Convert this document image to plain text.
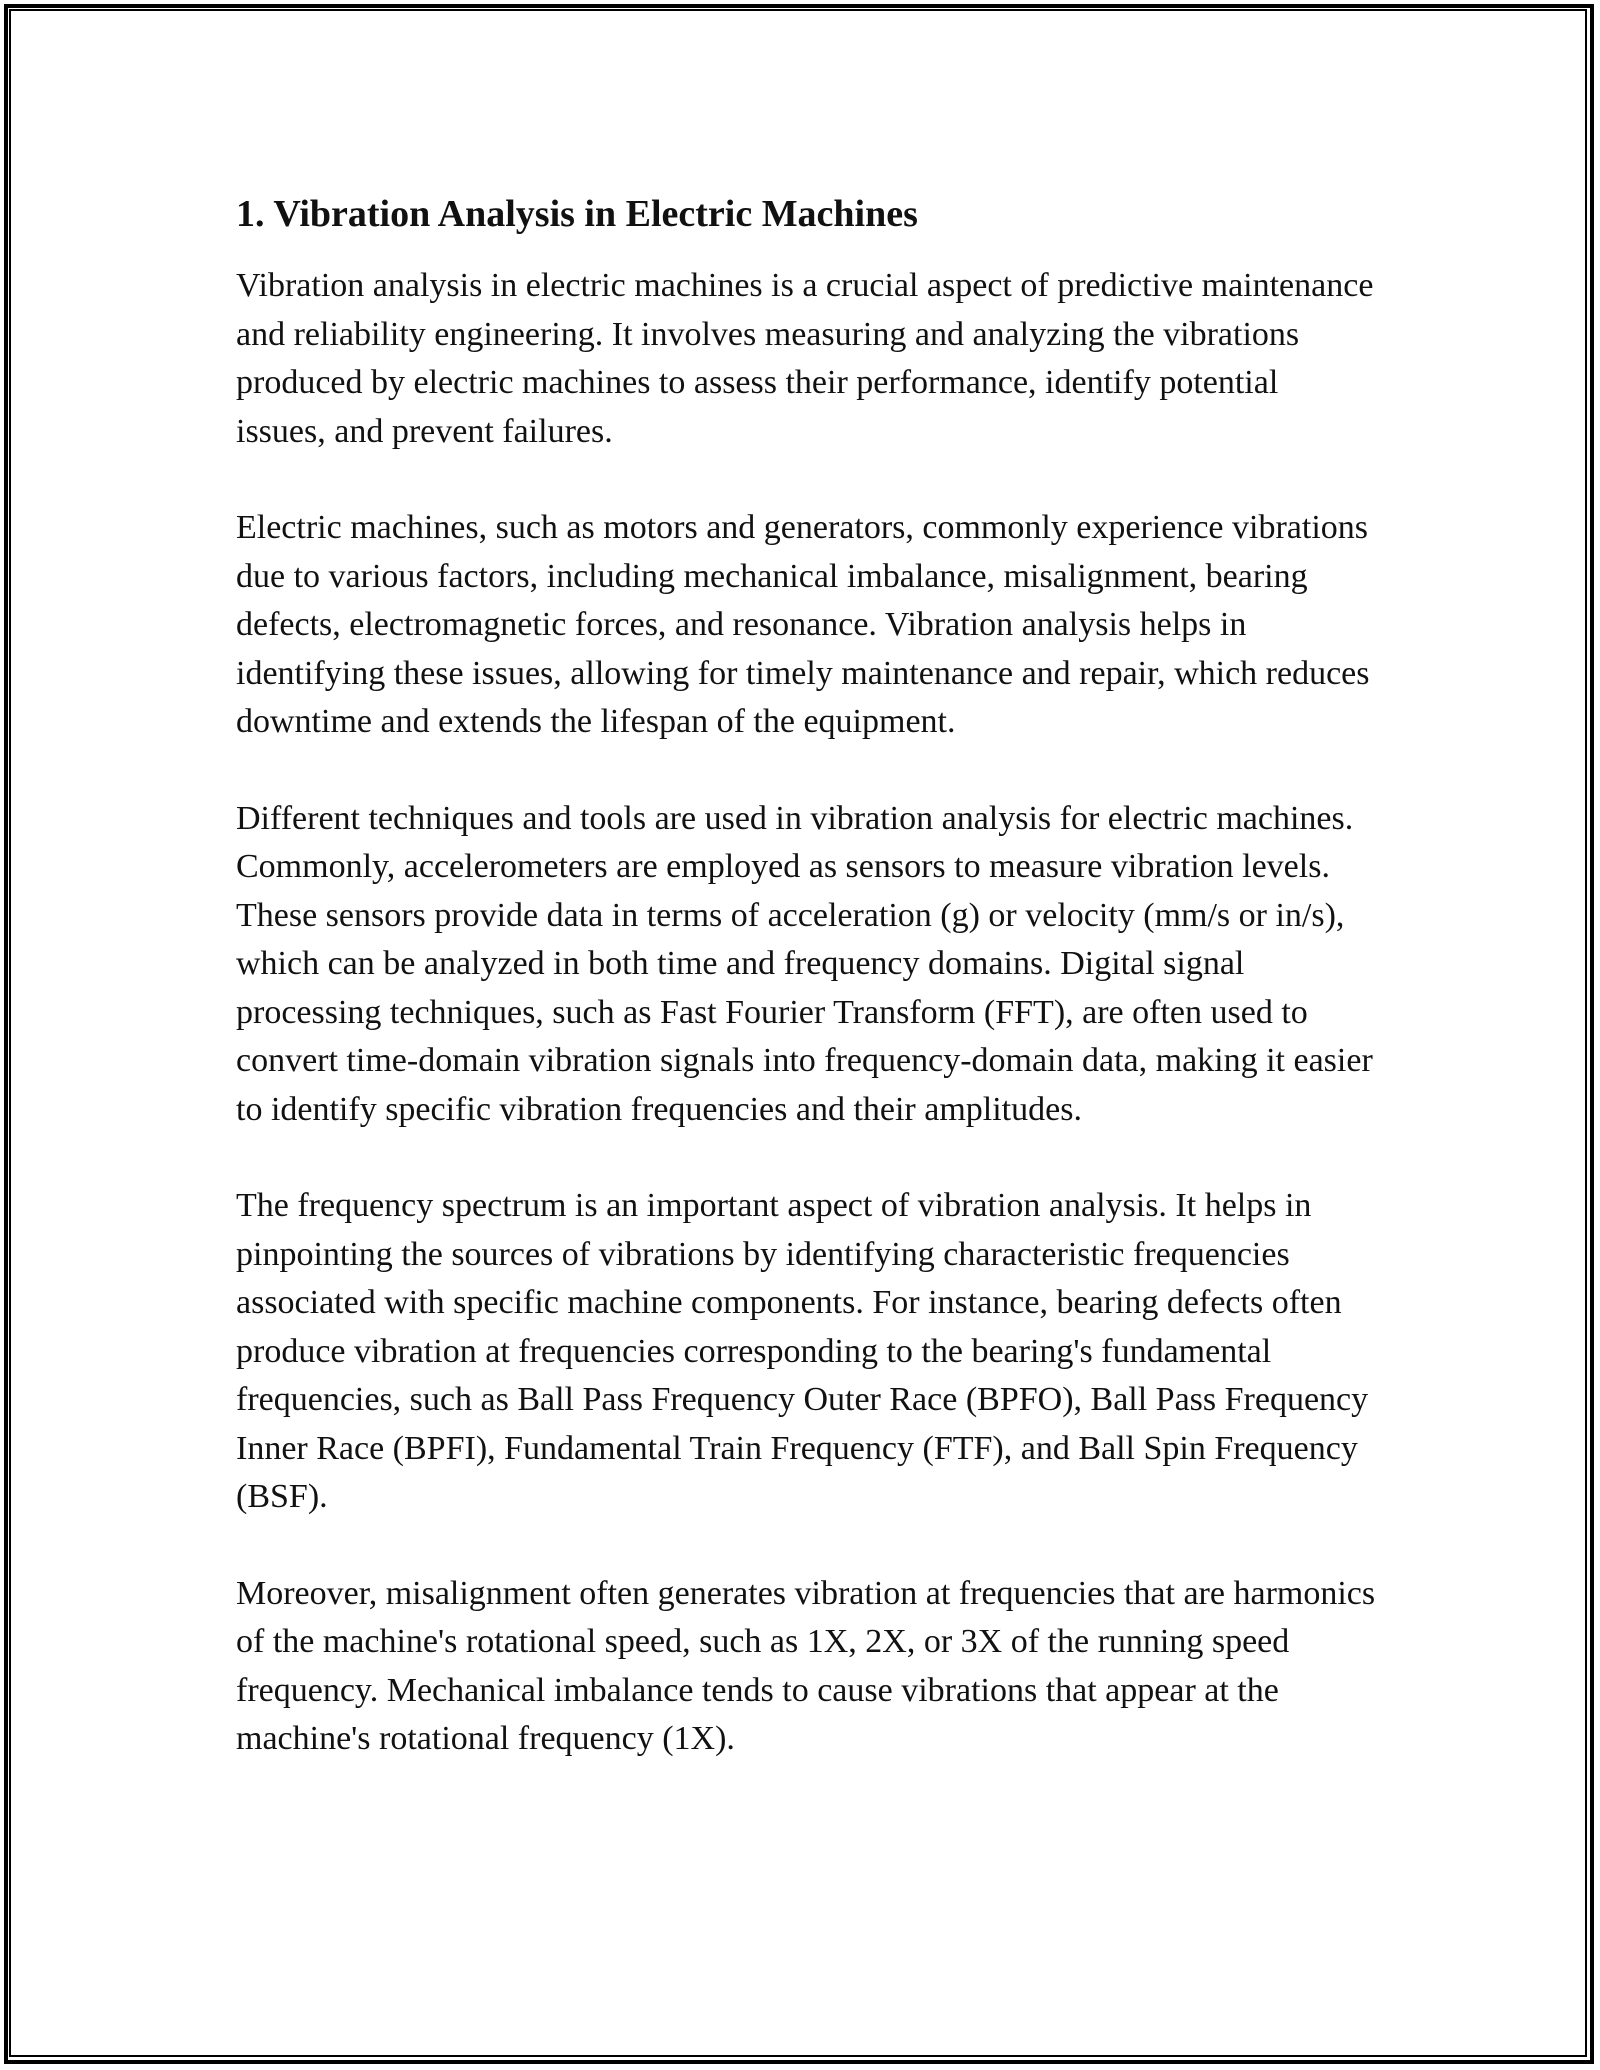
1. Vibration Analysis in Electric Machines

Vibration analysis in electric machines is a crucial aspect of predictive maintenance and reliability engineering. It involves measuring and analyzing the vibrations produced by electric machines to assess their performance, identify potential issues, and prevent failures.

Electric machines, such as motors and generators, commonly experience vibrations due to various factors, including mechanical imbalance, misalignment, bearing defects, electromagnetic forces, and resonance. Vibration analysis helps in identifying these issues, allowing for timely maintenance and repair, which reduces downtime and extends the lifespan of the equipment.

Different techniques and tools are used in vibration analysis for electric machines. Commonly, accelerometers are employed as sensors to measure vibration levels. These sensors provide data in terms of acceleration (g) or velocity (mm/s or in/s), which can be analyzed in both time and frequency domains. Digital signal processing techniques, such as Fast Fourier Transform (FFT), are often used to convert time-domain vibration signals into frequency-domain data, making it easier to identify specific vibration frequencies and their amplitudes.

The frequency spectrum is an important aspect of vibration analysis. It helps in pinpointing the sources of vibrations by identifying characteristic frequencies associated with specific machine components. For instance, bearing defects often produce vibration at frequencies corresponding to the bearing's fundamental frequencies, such as Ball Pass Frequency Outer Race (BPFO), Ball Pass Frequency Inner Race (BPFI), Fundamental Train Frequency (FTF), and Ball Spin Frequency (BSF).

Moreover, misalignment often generates vibration at frequencies that are harmonics of the machine's rotational speed, such as 1X, 2X, or 3X of the running speed frequency. Mechanical imbalance tends to cause vibrations that appear at the machine's rotational frequency (1X).
